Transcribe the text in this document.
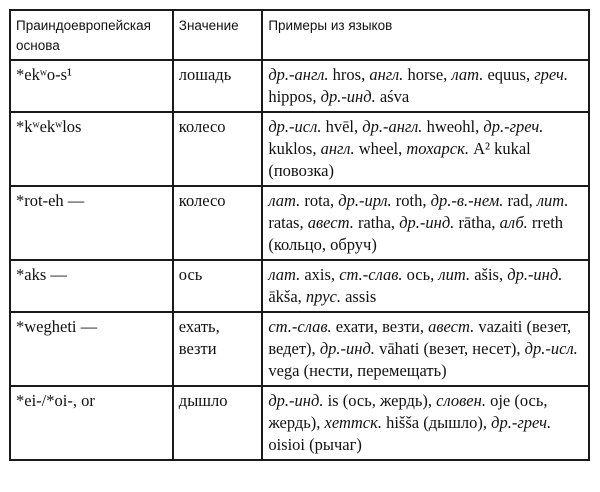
Праиндоевропейская основа	Значение	Примеры из языков
*ekʷo-s¹	лошадь	др.-англ. hros, англ. horse, лат. equus, греч. hippos, др.-инд. aśva
*kʷekʷlos	колесо	др.-исл. hvēl, др.-англ. hweohl, др.-греч. kuklos, англ. wheel, тохарск. A² kukal (повозка)
*rot-eh —	колесо	лат. rota, др.-ирл. roth, др.-в.-нем. rad, лит. ratas, авест. ratha, др.-инд. rātha, алб. rreth (кольцо, обруч)
*aks —	ось	лат. axis, ст.-слав. ось, лит. ašis, др.-инд. ākša, прус. assis
*wegheti —	ехать, везти	ст.-слав. ехати, везти, авест. vazaiti (везет, ведет), др.-инд. vāhati (везет, несет), др.-исл. vega (нести, перемещать)
*ei-/*oi-, or	дышло	др.-инд. is (ось, жердь), словен. oje (ось, жердь), хеттск. hišša (дышло), др.-греч. oisioi (рычаг)
